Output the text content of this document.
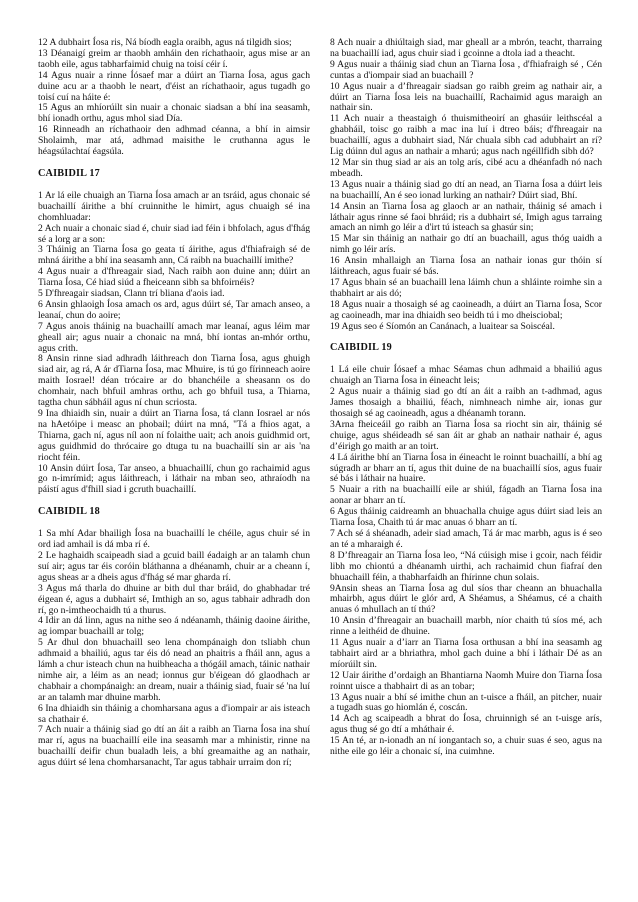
12 A dubhairt Íosa ris, Ná bíodh eagla oraibh, agus ná tilgidh sios;

13 Déanaigí greim ar thaobh amháin den ríchathaoir, agus mise ar an taobh eile, agus tabharfaimid chuig na toisí céir í.

14 Agus nuair a rinne Íósaef mar a dúirt an Tiarna Íosa, agus gach duine acu ar a thaobh le neart, d'éist an ríchathaoir, agus tugadh go toisí cuí na háite é:

15 Agus an mhíorúilt sin nuair a chonaic siadsan a bhí ina seasamh, bhí ionadh orthu, agus mhol siad Día.

16 Rinneadh an ríchathaoir den adhmad céanna, a bhí in aimsir Sholaimh, mar atá, adhmad maisithe le cruthanna agus le héagsúlachtaí éagsúla.

CAIBIDIL 17

1 Ar lá eile chuaigh an Tiarna Íosa amach ar an tsráid, agus chonaic sé buachaillí áirithe a bhí cruinnithe le himirt, agus chuaigh sé ina chomhluadar:

2 Ach nuair a chonaic siad é, chuir siad iad féin i bhfolach, agus d'fhág sé a lorg ar a son:

3 Tháinig an Tiarna Íosa go geata tí áirithe, agus d'fhiafraigh sé de mhná áirithe a bhí ina seasamh ann, Cá raibh na buachaillí imithe?

4 Agus nuair a d'fhreagair siad, Nach raibh aon duine ann; dúirt an Tiarna Íosa, Cé hiad siúd a fheiceann sibh sa bhfoirnéis?

5 D'fhreagair siadsan, Clann trí bliana d'aois iad.

6 Ansin ghlaoigh Íosa amach os ard, agus dúirt sé, Tar amach anseo, a leanaí, chun do aoire;

7 Agus anois tháinig na buachaillí amach mar leanaí, agus léim mar gheall air; agus nuair a chonaic na mná, bhí iontas an-mhór orthu, agus crith.

8 Ansin rinne siad adhradh láithreach don Tiarna Íosa, agus ghuigh siad air, ag rá, A ár dTiarna Íosa, mac Mhuire, is tú go fírinneach aoire maith Iosrael! déan trócaire ar do bhanchéile a sheasann os do chomhair, nach bhfuil amhras orthu, ach go bhfuil tusa, a Thiarna, tagtha chun sábháil agus ní chun scriosta.

9 Ina dhiaidh sin, nuair a dúirt an Tiarna Íosa, tá clann Iosrael ar nós na hAetóipe i measc an phobail; dúirt na mná, "Tá a fhios agat, a Thiarna, gach ní, agus níl aon ní folaithe uait; ach anois guidhmid ort, agus guidhmid do thrócaire go dtuga tu na buachaillí sin ar ais 'na riocht féin.

10 Ansin dúirt Íosa, Tar anseo, a bhuachaillí, chun go rachaimid agus go n-imrímid; agus láithreach, i láthair na mban seo, athraíodh na páistí agus d'fhill siad i gcruth buachaillí.

CAIBIDIL 18

1 Sa mhí Adar bhailigh Íosa na buachaillí le chéile, agus chuir sé in ord iad amhail is dá mba rí é.

2 Le haghaidh scaipeadh siad a gcuid baill éadaigh ar an talamh chun suí air; agus tar éis coróin bláthanna a dhéanamh, chuir ar a cheann í, agus sheas ar a dheis agus d'fhág sé mar gharda rí.

3 Agus má tharla do dhuine ar bith dul thar bráid, do ghabhadar tré éigean é, agus a dubhairt sé, Imthigh an so, agus tabhair adhradh don rí, go n-imtheochaidh tú a thurus.

4 Idir an dá linn, agus na nithe seo á ndéanamh, tháinig daoine áirithe, ag iompar buachaill ar tolg;

5 Ar dhul don bhuachaill seo lena chompánaigh don tsliabh chun adhmaid a bhailiú, agus tar éis dó nead an phaitris a fháil ann, agus a lámh a chur isteach chun na huibheacha a thógáil amach, táinic nathair nimhe air, a léim as an nead; ionnus gur b'éigean dó glaodhach ar chabhair a chompánaigh: an dream, nuair a tháinig siad, fuair sé 'na luí ar an talamh mar dhuine marbh.

6 Ina dhiaidh sin tháinig a chomharsana agus a d'iompair ar ais isteach sa chathair é.

7 Ach nuair a tháinig siad go dtí an áit a raibh an Tiarna Íosa ina shuí mar rí, agus na buachaillí eile ina seasamh mar a mhinistir, rinne na buachaillí deifir chun bualadh leis, a bhí greamaithe ag an nathair, agus dúirt sé lena chomharsanacht, Tar agus tabhair urraim don rí;

8 Ach nuair a dhiúltaigh siad, mar gheall ar a mbrón, teacht, tharraing na buachaillí iad, agus chuir siad i gcoinne a dtola iad a theacht.

9 Agus nuair a tháinig siad chun an Tiarna Íosa , d'fhiafraigh sé , Cén cuntas a d'iompair siad an buachaill ?

10 Agus nuair a d’fhreagair siadsan go raibh greim ag nathair air, a dúirt an Tiarna Íosa leis na buachaillí, Rachaimid agus maraigh an nathair sin.

11 Ach nuair a theastaigh ó thuismitheoirí an ghasúir leithscéal a ghabháil, toisc go raibh a mac ina luí i dtreo báis; d'fhreagair na buachaillí, agus a dubhairt siad, Nár chuala sibh cad adubhairt an rí? Lig dúinn dul agus an nathair a mharú; agus nach ngéillfidh sibh dó?

12 Mar sin thug siad ar ais an tolg arís, cibé acu a dhéanfadh nó nach mbeadh.

13 Agus nuair a tháinig siad go dtí an nead, an Tiarna Íosa a dúirt leis na buachaillí, An é seo ionad lurking an nathair? Dúirt siad, Bhí.

14 Ansin an Tiarna Íosa ag glaoch ar an nathair, tháinig sé amach i láthair agus rinne sé faoi bhráid; ris a dubhairt sé, Imigh agus tarraing amach an nimh go léir a d'irt tú isteach sa ghasúr sin;

15 Mar sin tháinig an nathair go dtí an buachaill, agus thóg uaidh a nimh go léir arís.

16 Ansin mhallaigh an Tiarna Íosa an nathair ionas gur thóin sí láithreach, agus fuair sé bás.

17 Agus bhain sé an buachaill lena láimh chun a shláinte roimhe sin a thabhairt ar ais dó;

18 Agus nuair a thosaigh sé ag caoineadh, a dúirt an Tiarna Íosa, Scor ag caoineadh, mar ina dhiaidh seo beidh tú i mo dheisciobal;

19 Agus seo é Síomón an Canánach, a luaitear sa Soiscéal.

CAIBIDIL 19

1 Lá eile chuir Íósaef a mhac Séamas chun adhmaid a bhailiú agus chuaigh an Tiarna Íosa in éineacht leis;

2 Agus nuair a tháinig siad go dtí an áit a raibh an t-adhmad, agus James thosaigh a bhailiú, féach, nimhneach nimhe air, ionas gur thosaigh sé ag caoineadh, agus a dhéanamh torann.

3Arna fheiceáil go raibh an Tiarna Íosa sa riocht sin air, tháinig sé chuige, agus shéideadh sé san áit ar ghab an nathair nathair é, agus d’éirigh go maith ar an toirt.

4 Lá áirithe bhí an Tiarna Íosa in éineacht le roinnt buachaillí, a bhí ag súgradh ar bharr an tí, agus thit duine de na buachaillí síos, agus fuair sé bás i láthair na huaire.

5 Nuair a rith na buachaillí eile ar shiúl, fágadh an Tiarna Íosa ina aonar ar bharr an tí.

6 Agus tháinig caidreamh an bhuachalla chuige agus dúirt siad leis an Tiarna Íosa, Chaith tú ár mac anuas ó bharr an tí.

7 Ach sé á shéanadh, adeir siad amach, Tá ár mac marbh, agus is é seo an té a mharaigh é.

8 D’fhreagair an Tiarna Íosa leo, “Ná cúisigh mise i gcoir, nach féidir libh mo chiontú a dhéanamh uirthi, ach rachaimid chun fiafraí den bhuachaill féin, a thabharfaidh an fhírinne chun solais.

9Ansin sheas an Tiarna Íosa ag dul síos thar cheann an bhuachalla mhairbh, agus dúirt le glór ard, A Shéamus, a Shéamus, cé a chaith anuas ó mhullach an tí thú?

10 Ansin d’fhreagair an buachaill marbh, níor chaith tú síos mé, ach rinne a leithéid de dhuine.

11 Agus nuair a d’iarr an Tiarna Íosa orthusan a bhí ina seasamh ag tabhairt aird ar a bhriathra, mhol gach duine a bhí i láthair Dé as an míorúilt sin.

12 Uair áirithe d’ordaigh an Bhantiarna Naomh Muire don Tiarna Íosa roinnt uisce a thabhairt di as an tobar;

13 Agus nuair a bhí sé imithe chun an t-uisce a fháil, an pitcher, nuair a tugadh suas go hiomlán é, coscán.

14 Ach ag scaipeadh a bhrat do Íosa, chruinnigh sé an t-uisge arís, agus thug sé go dtí a mháthair é.

15 An té, ar n-ionadh an ní iongantach so, a chuir suas é seo, agus na nithe eile go léir a chonaic sí, ina cuimhne.
